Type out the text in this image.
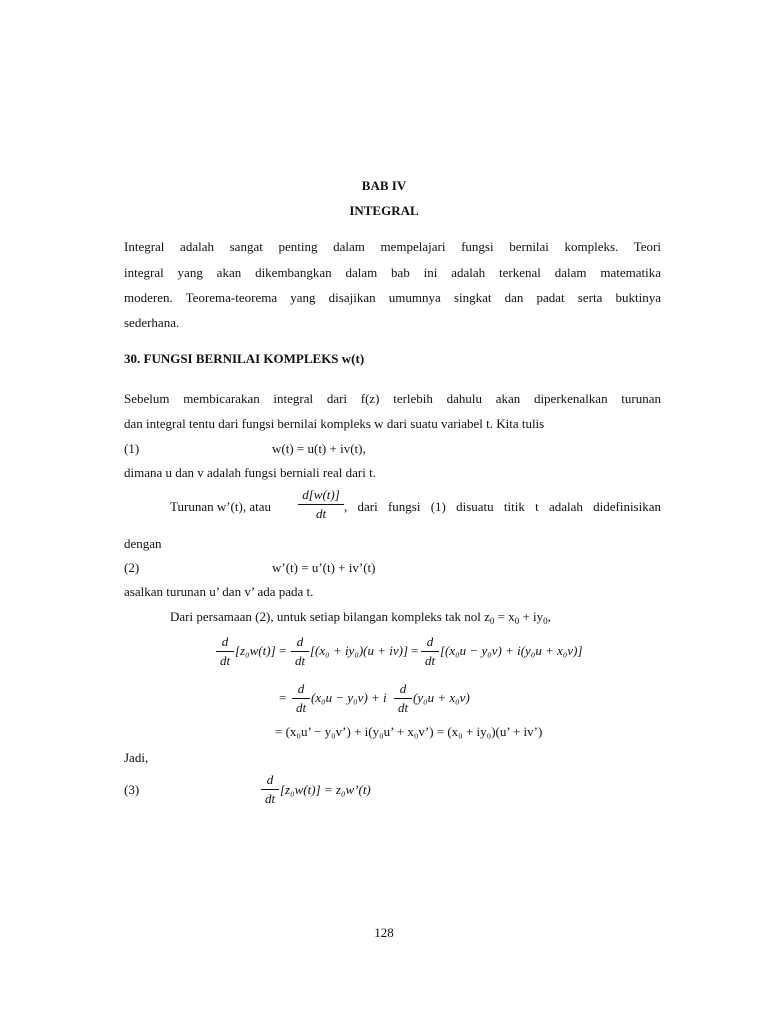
BAB IV
INTEGRAL
Integral adalah sangat penting dalam mempelajari fungsi bernilai kompleks. Teori
integral yang akan dikembangkan dalam bab ini adalah terkenal dalam matematika
moderen. Teorema-teorema yang disajikan umumnya singkat dan padat serta buktinya
sederhana.
30. FUNGSI BERNILAI KOMPLEKS w(t)
Sebelum membicarakan integral dari f(z) terlebih dahulu akan diperkenalkan turunan
dan integral tentu dari fungsi bernilai kompleks w dari suatu variabel t. Kita tulis
(1)	w(t) = u(t) + iv(t),
dimana u dan v adalah fungsi berniali real dari t.
Turunan w’(t), atau
d[w(t)]
dt	, dari fungsi (1) disuatu titik t adalah didefinisikan
dengan
(2)	w’(t) = u’(t) + iv’(t)
asalkan turunan u’ dan v’ ada pada t.
Dari persamaan (2), untuk setiap bilangan kompleks tak nol $z_0 = x_0 + iy_0$,
d
dt
[z₀w(t)] =
d
dt
[(x₀ + iy₀)(u + iv)] =
d
dt
[(x₀u − y₀v) + i(y₀u + x₀v)]
=
d
dt
(x₀u − y₀v) + i
d
dt
(y₀u + x₀v)
= (x₀u’ − y₀v’) + i(y₀u’ + x₀v’) = (x₀ + iy₀)(u’ + iv’)
Jadi,
(3)
d
dt
[z₀w(t)] = z₀w’(t)
128
